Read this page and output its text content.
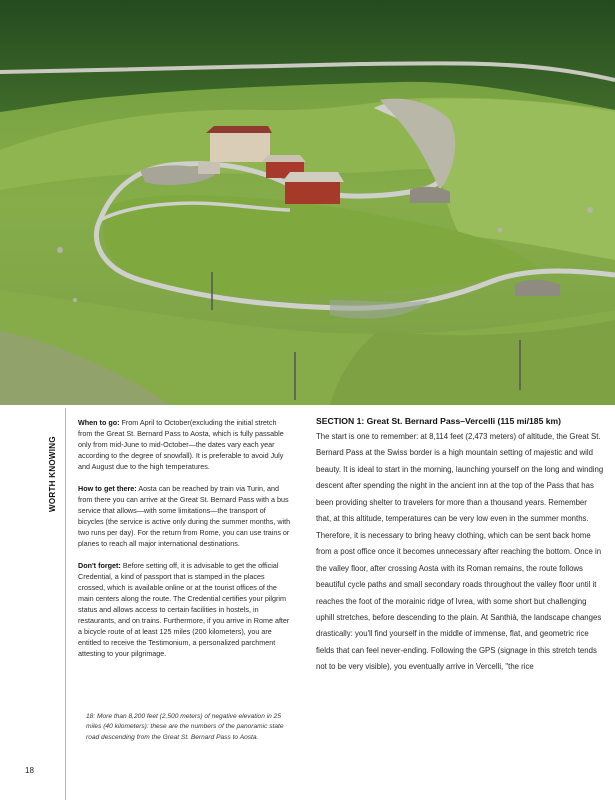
WORTH KNOWING

When to go: From April to October(excluding the initial stretch from the Great St. Bernard Pass to Aosta, which is fully passable only from mid-June to mid-October—the dates vary each year according to the degree of snowfall). It is preferable to avoid July and August due to the high temperatures.

How to get there: Aosta can be reached by train via Turin, and from there you can arrive at the Great St. Bernard Pass with a bus service that allows—with some limitations—the transport of bicycles (the service is active only during the summer months, with two runs per day). For the return from Rome, you can use trains or planes to reach all major international destinations.

Don't forget: Before setting off, it is advisable to get the official Credential, a kind of passport that is stamped in the places crossed, which is available online or at the tourist offices of the main centers along the route. The Credential certifies your pilgrim status and allows access to certain facilities in hostels, in restaurants, and on trains. Furthermore, if you arrive in Rome after a bicycle route of at least 125 miles (200 kilometers), you are entitled to receive the Testimonium, a personalized parchment attesting to your pilgrimage.

18: More than 8,200 feet (2,500 meters) of negative elevation in 25 miles (40 kilometers): these are the numbers of the panoramic state road descending from the Great St. Bernard Pass to Aosta.
SECTION 1: Great St. Bernard Pass–Vercelli (115 mi/185 km)

The start is one to remember: at 8,114 feet (2,473 meters) of altitude, the Great St. Bernard Pass at the Swiss border is a high mountain setting of majestic and wild beauty. It is ideal to start in the morning, launching yourself on the long and winding descent after spending the night in the ancient inn at the top of the Pass that has been providing shelter to travelers for more than a thousand years. Remember that, at this altitude, temperatures can be very low even in the summer months. Therefore, it is necessary to bring heavy clothing, which can be sent back home from a post office once it becomes unnecessary after reaching the bottom. Once in the valley floor, after crossing Aosta with its Roman remains, the route follows beautiful cycle paths and small secondary roads throughout the valley floor until it reaches the foot of the morainic ridge of Ivrea, with some short but challenging uphill stretches, before descending to the plain. At Santhià, the landscape changes drastically: you'll find yourself in the middle of immense, flat, and geometric rice fields that can feel never-ending. Following the GPS (signage in this stretch tends not to be very visible), you eventually arrive in Vercelli, "the rice

18
